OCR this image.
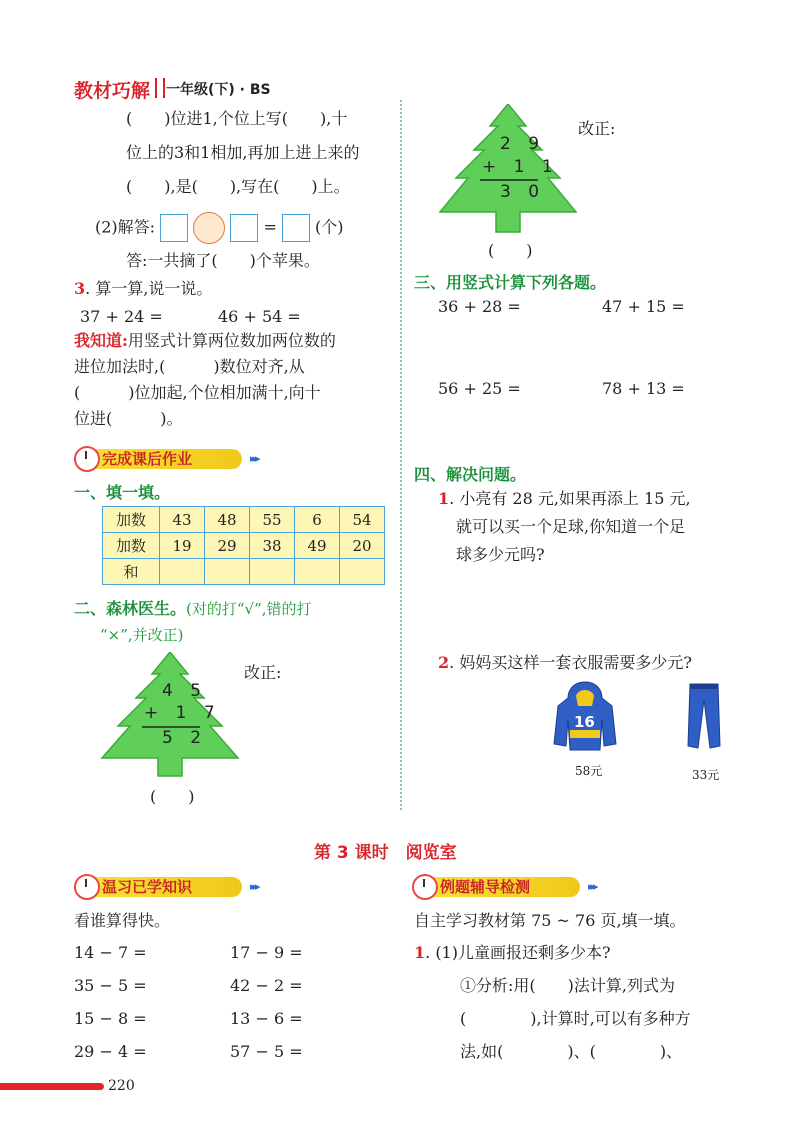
教材巧解 一年级(下) · BS
(　　)位进1,个位上写(　　),十
位上的3和1相加,再加上进上来的
(　　),是(　　),写在(　　)上。
(2)解答:	= (个)
答:一共摘了(　　)个苹果。
3. 算一算,说一说。
37 + 24 =	46 + 54 =
我知道:用竖式计算两位数加两位数的
进位加法时,(　　　)数位对齐,从
(　　　)位加起,个位相加满十,向十
位进(　　　)。
完成课后作业	▸▸▸
一、填一填。
加数	43	48	55	6	54
加数	19	29	38	49	20
和					
二、森林医生。(对的打“√”,错的打
“×”,并改正)
4 5
+ 1 7
5 2
改正:
(　　)
2 9
+ 1 1
3 0
改正:
(　　)
三、用竖式计算下列各题。
36 + 28 =	47 + 15 =
56 + 25 =	78 + 13 =
四、解决问题。
1. 小亮有 28 元,如果再添上 15 元,
就可以买一个足球,你知道一个足
球多少元吗?
2. 妈妈买这样一套衣服需要多少元?
16
58元	33元
第 3 课时　阅览室
温习已学知识	▸▸▸	例题辅导检测	▸▸▸
看谁算得快。
14 − 7 =	17 − 9 =
35 − 5 =	42 − 2 =
15 − 8 =	13 − 6 =
29 − 4 =	57 − 5 =
自主学习教材第 75 ~ 76 页,填一填。
1. (1)儿童画报还剩多少本?
①分析:用(　　)法计算,列式为
(　　　　),计算时,可以有多种方
法,如(　　　　)、(　　　　)、
220
